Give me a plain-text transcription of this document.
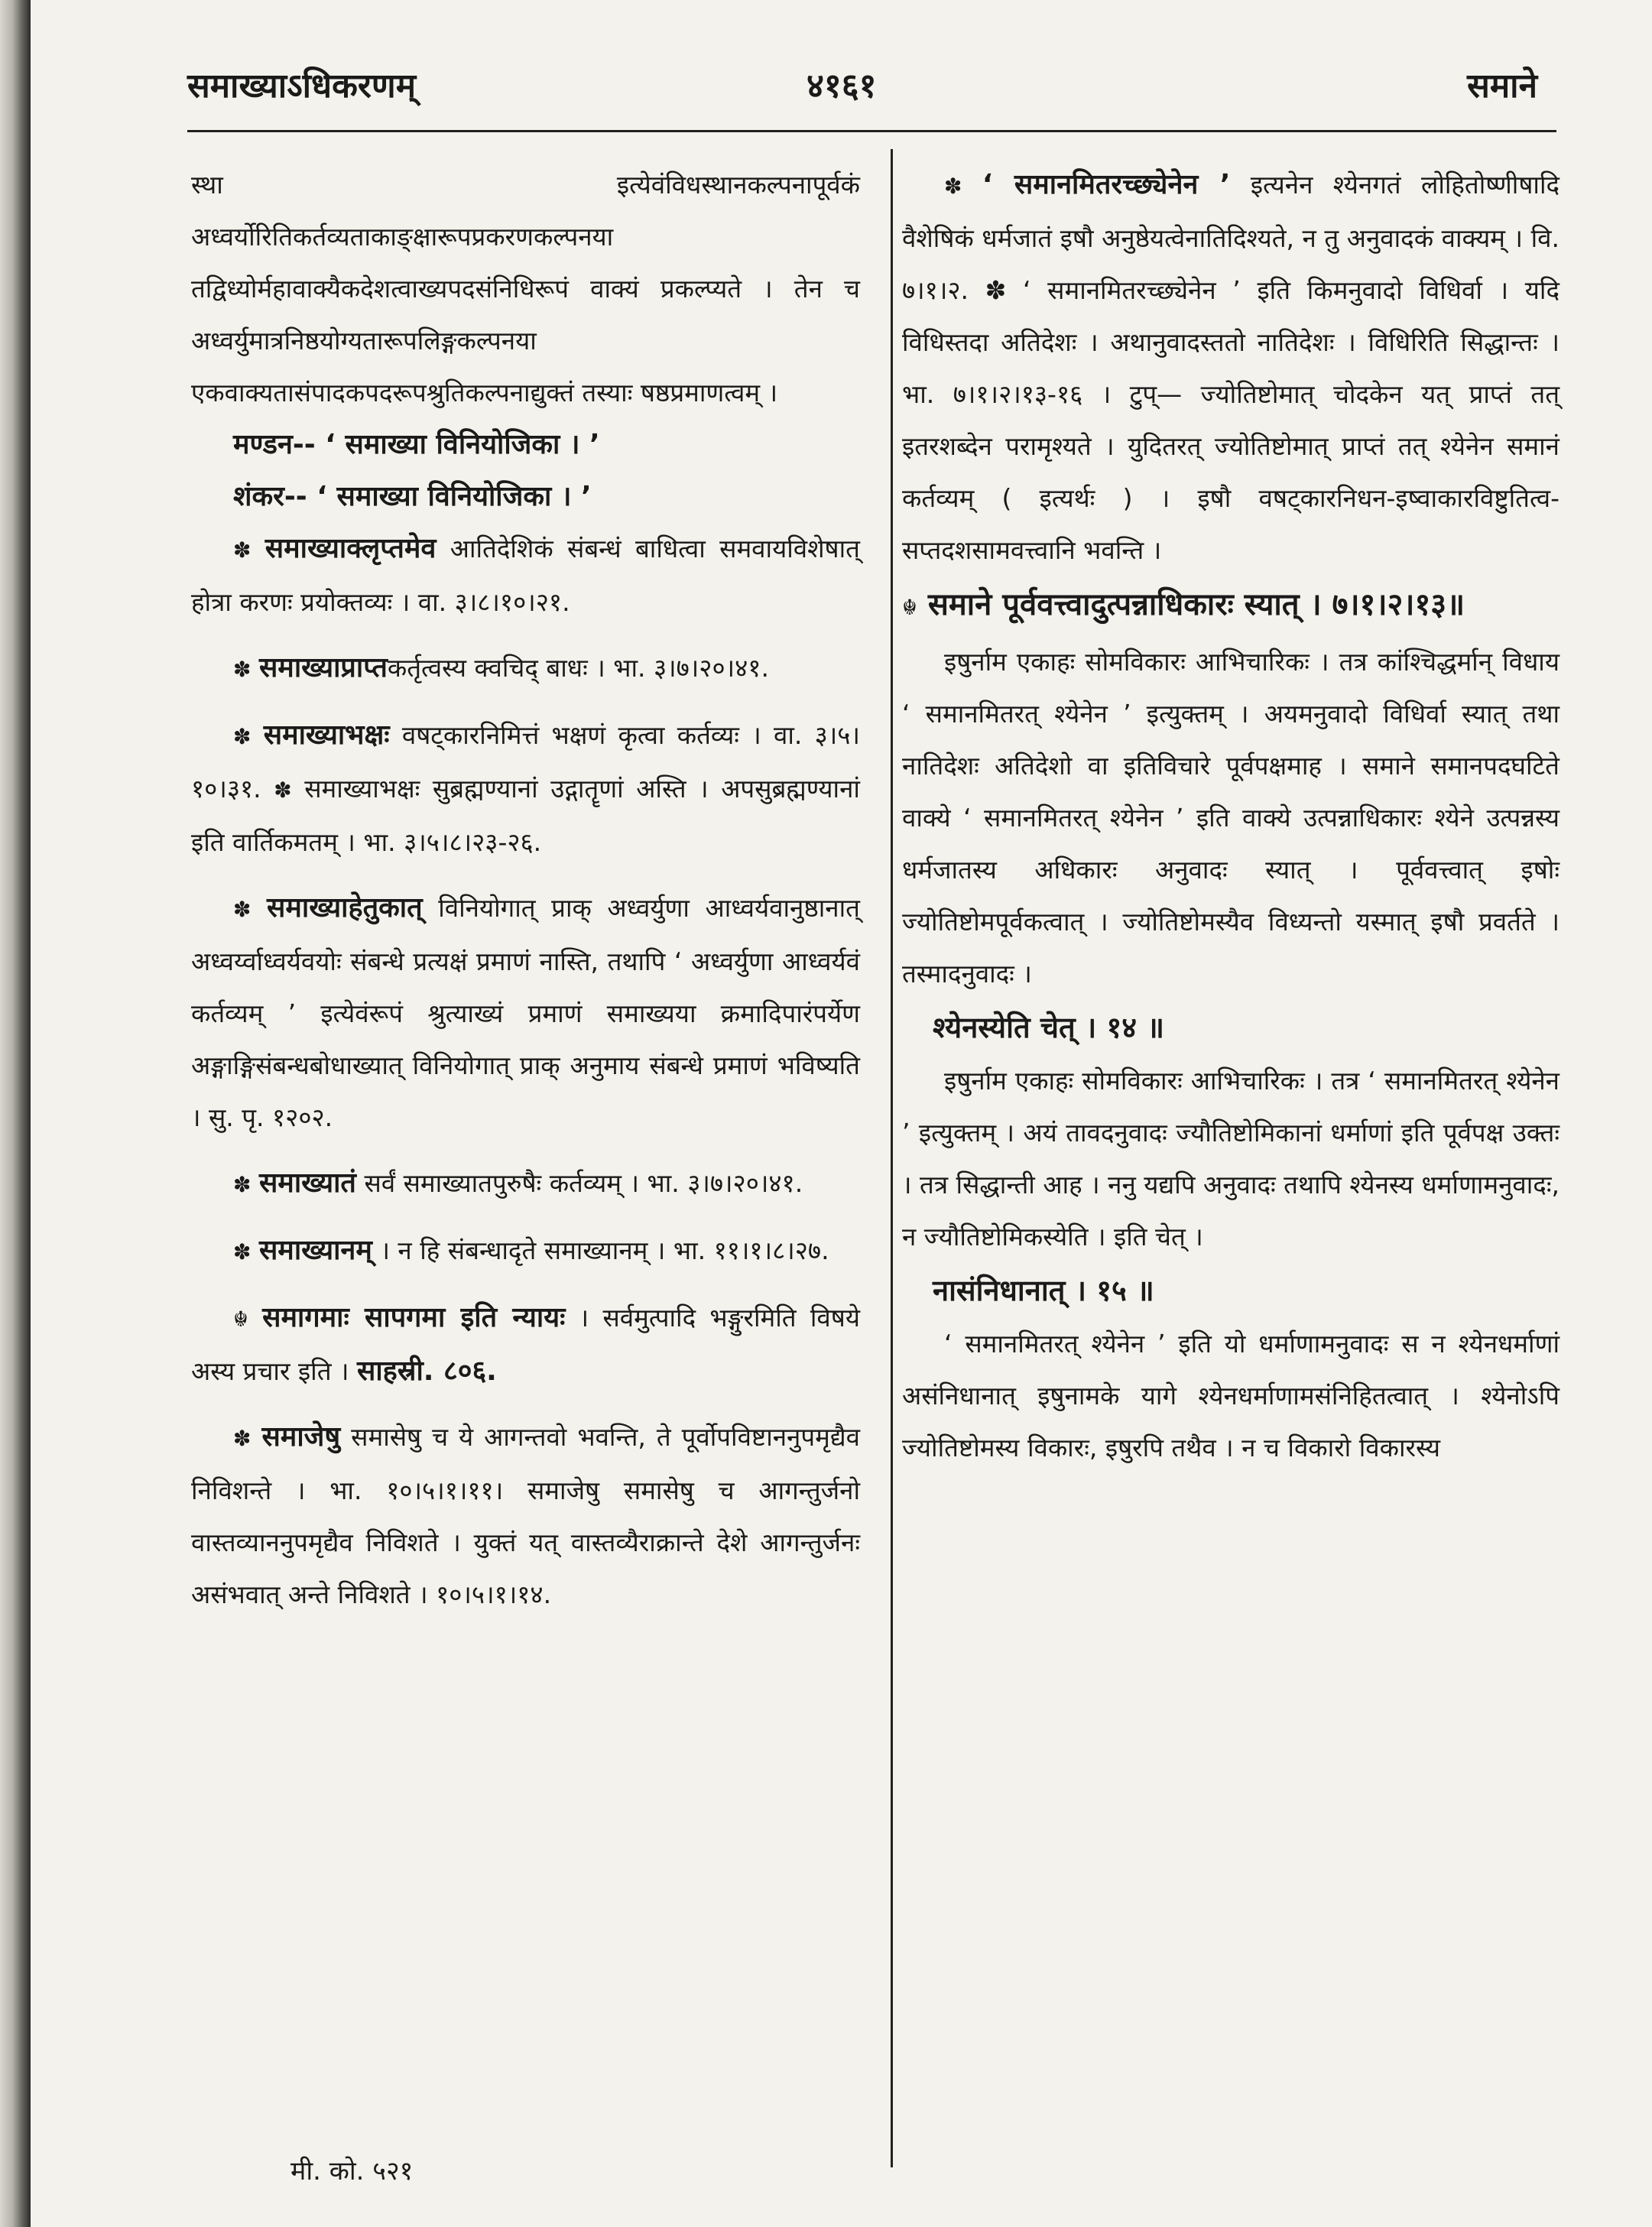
समाख्याऽधिकरणम्	४१६१	समाने

स्था इत्येवंविधस्थानकल्पनापूर्वकं अध्वर्योरितिकर्तव्यताकाङ्क्षारूपप्रकरणकल्पनया तद्विध्योर्महावाक्यैकदेशत्वाख्यपदसंनिधिरूपं वाक्यं प्रकल्प्यते । तेन च अध्वर्युमात्रनिष्ठयोग्यतारूपलिङ्गकल्पनया एकवाक्यतासंपादकपदरूपश्रुतिकल्पनाद्युक्तं तस्याः षष्ठप्रमाणत्वम् ।

मण्डन-- ‘ समाख्या विनियोजिका । ’

शंकर-- ‘ समाख्या विनियोजिका । ’

✽ समाख्याक्लृप्तमेव आतिदेशिकं संबन्धं बाधित्वा समवायविशेषात् होत्रा करणः प्रयोक्तव्यः । वा. ३।८।१०।२१.

✽ समाख्याप्राप्तकर्तृत्वस्य क्वचिद् बाधः । भा. ३।७।२०।४१.

✽ समाख्याभक्षः वषट्कारनिमित्तं भक्षणं कृत्वा कर्तव्यः । वा. ३।५।१०।३१. ✽ समाख्याभक्षः सुब्रह्मण्यानां उद्गातॄणां अस्ति । अपसुब्रह्मण्यानां इति वार्तिकमतम् । भा. ३।५।८।२३-२६.

✽ समाख्याहेतुकात् विनियोगात् प्राक् अध्वर्युणा आध्वर्यवानुष्ठानात् अध्वर्य्वाध्वर्यवयोः संबन्धे प्रत्यक्षं प्रमाणं नास्ति, तथापि ‘ अध्वर्युणा आध्वर्यवं कर्तव्यम् ’ इत्येवंरूपं श्रुत्याख्यं प्रमाणं समाख्यया क्रमादिपारंपर्येण अङ्गाङ्गिसंबन्धबोधाख्यात् विनियोगात् प्राक् अनुमाय संबन्धे प्रमाणं भविष्यति । सु. पृ. १२०२.

✽ समाख्यातं सर्वं समाख्यातपुरुषैः कर्तव्यम् । भा. ३।७।२०।४१.

✽ समाख्यानम् । न हि संबन्धादृते समाख्यानम् । भा. ११।१।८।२७.

☬ समागमाः सापगमा इति न्यायः । सर्वमुत्पादि भङ्गुरमिति विषये अस्य प्रचार इति । साहस्री. ८०६.

✽ समाजेषु समासेषु च ये आगन्तवो भवन्ति, ते पूर्वोपविष्टाननुपमृद्यैव निविशन्ते । भा. १०।५।१।११। समाजेषु समासेषु च आगन्तुर्जनो वास्तव्याननुपमृद्यैव निविशते । युक्तं यत् वास्तव्यैराक्रान्ते देशे आगन्तुर्जनः असंभवात् अन्ते निविशते । १०।५।१।१४.

✽ ‘ समानमितरच्छ्येनेन ’ इत्यनेन श्येनगतं लोहितोष्णीषादि वैशेषिकं धर्मजातं इषौ अनुष्ठेयत्वेनातिदिश्यते, न तु अनुवादकं वाक्यम् । वि. ७।१।२. ✽ ‘ समानमितरच्छ्येनेन ’ इति किमनुवादो विधिर्वा । यदि विधिस्तदा अतिदेशः । अथानुवादस्ततो नातिदेशः । विधिरिति सिद्धान्तः । भा. ७।१।२।१३-१६ । टुप्— ज्योतिष्टोमात् चोदकेन यत् प्राप्तं तत् इतरशब्देन परामृश्यते । युदितरत् ज्योतिष्टोमात् प्राप्तं तत् श्येनेन समानं कर्तव्यम् ( इत्यर्थः ) । इषौ वषट्कारनिधन-इष्वाकारविष्टुतित्व-सप्तदशसामवत्त्वानि भवन्ति ।

☬ समाने पूर्ववत्त्वादुत्पन्नाधिकारः स्यात् । ७।१।२।१३॥

इषुर्नाम एकाहः सोमविकारः आभिचारिकः । तत्र कांश्चिद्धर्मान् विधाय ‘ समानमितरत् श्येनेन ’ इत्युक्तम् । अयमनुवादो विधिर्वा स्यात् तथा नातिदेशः अतिदेशो वा इतिविचारे पूर्वपक्षमाह । समाने समानपदघटिते वाक्ये ‘ समानमितरत् श्येनेन ’ इति वाक्ये उत्पन्नाधिकारः श्येने उत्पन्नस्य धर्मजातस्य अधिकारः अनुवादः स्यात् । पूर्ववत्त्वात् इषोः ज्योतिष्टोमपूर्वकत्वात् । ज्योतिष्टोमस्यैव विध्यन्तो यस्मात् इषौ प्रवर्तते । तस्मादनुवादः ।

श्येनस्येति चेत् । १४ ॥

इषुर्नाम एकाहः सोमविकारः आभिचारिकः । तत्र ‘ समानमितरत् श्येनेन ’ इत्युक्तम् । अयं तावदनुवादः ज्यौतिष्टोमिकानां धर्माणां इति पूर्वपक्ष उक्तः । तत्र सिद्धान्ती आह । ननु यद्यपि अनुवादः तथापि श्येनस्य धर्माणामनुवादः, न ज्यौतिष्टोमिकस्येति । इति चेत् ।

नासंनिधानात् । १५ ॥

‘ समानमितरत् श्येनेन ’ इति यो धर्माणामनुवादः स न श्येनधर्माणां असंनिधानात् इषुनामके यागे श्येनधर्माणामसंनिहितत्वात् । श्येनोऽपि ज्योतिष्टोमस्य विकारः, इषुरपि तथैव । न च विकारो विकारस्य

मी. को. ५२१
